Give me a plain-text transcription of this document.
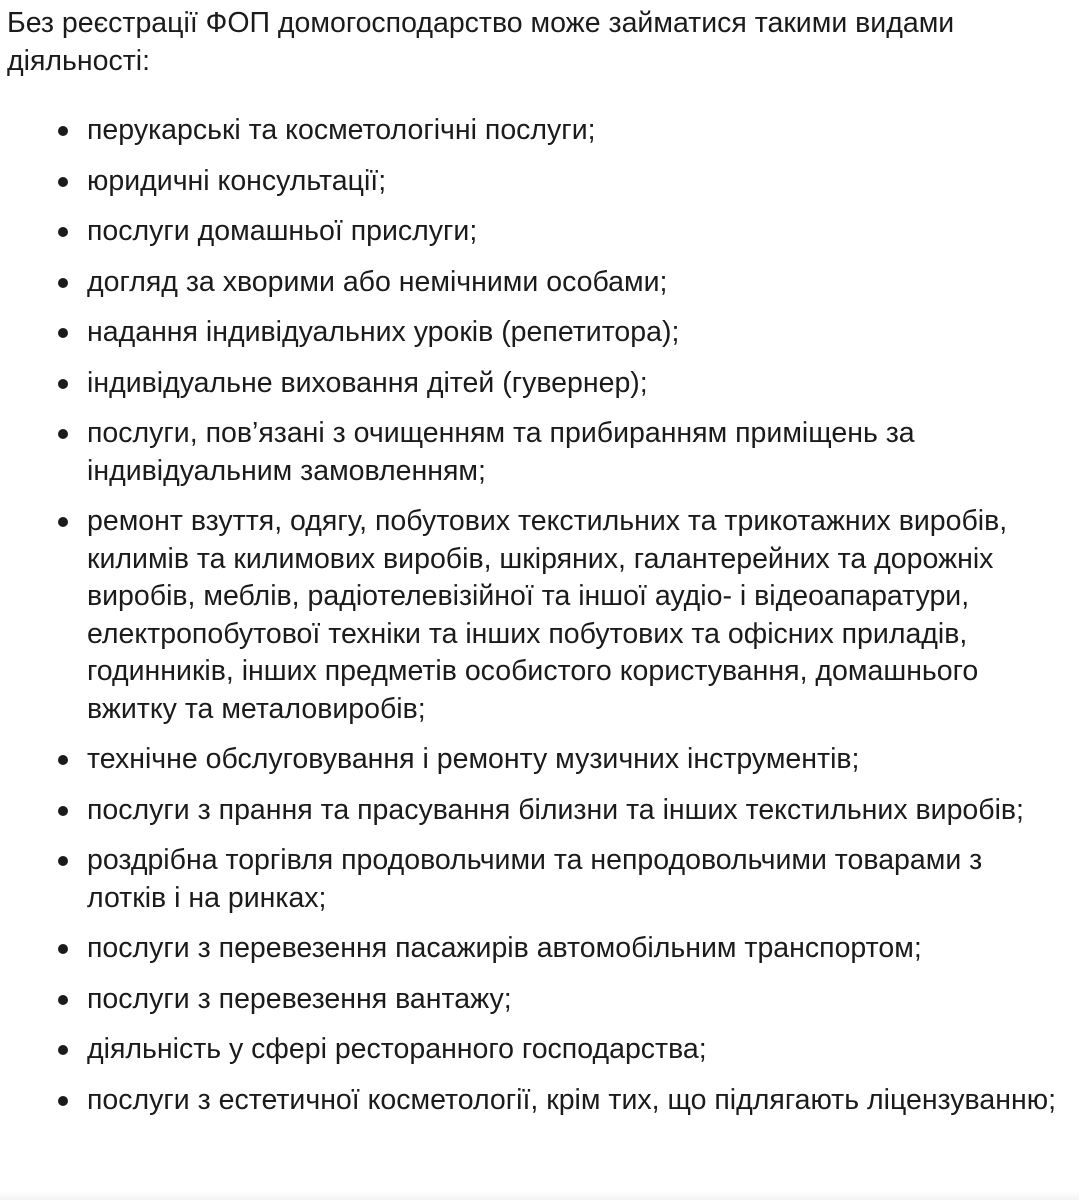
Без реєстрації ФОП домогосподарство може займатися такими видами діяльності:

перукарські та косметологічні послуги;
юридичні консультації;
послуги домашньої прислуги;
догляд за хворими або немічними особами;
надання індивідуальних уроків (репетитора);
індивідуальне виховання дітей (гувернер);
послуги, пов’язані з очищенням та прибиранням приміщень за індивідуальним замовленням;
ремонт взуття, одягу, побутових текстильних та трикотажних виробів, килимів та килимових виробів, шкіряних, галантерейних та дорожніх виробів, меблів, радіотелевізійної та іншої аудіо- і відеоапаратури, електропобутової техніки та інших побутових та офісних приладів, годинників, інших предметів особистого користування, домашнього вжитку та металовиробів;
технічне обслуговування і ремонту музичних інструментів;
послуги з прання та прасування білизни та інших текстильних виробів;
роздрібна торгівля продовольчими та непродовольчими товарами з лотків і на ринках;
послуги з перевезення пасажирів автомобільним транспортом;
послуги з перевезення вантажу;
діяльність у сфері ресторанного господарства;
послуги з естетичної косметології, крім тих, що підлягають ліцензуванню;
